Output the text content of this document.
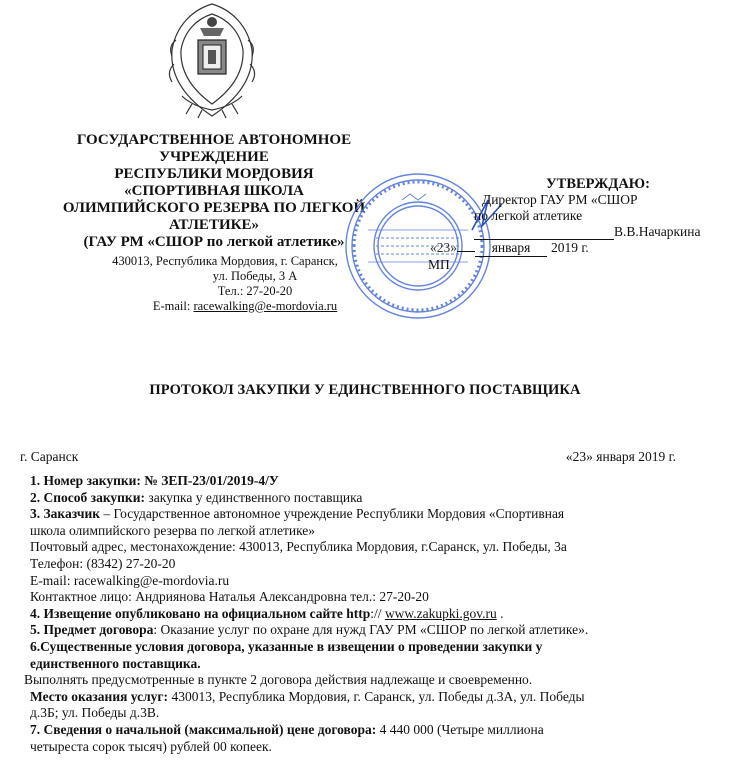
ГОСУДАРСТВЕННОЕ АВТОНОМНОЕ
УЧРЕЖДЕНИЕ
РЕСПУБЛИКИ МОРДОВИЯ
«СПОРТИВНАЯ ШКОЛА
ОЛИМПИЙСКОГО РЕЗЕРВА ПО ЛЕГКОЙ
АТЛЕТИКЕ»
(ГАУ РМ «СШОР по легкой атлетике»
430013, Республика Мордовия, г. Саранск,
ул. Победы, 3 А
Тел.: 27-20-20
E-mail: racewalking@e-mordovia.ru
УТВЕРЖДАЮ:
Директор ГАУ РМ «СШОР
по легкой атлетике
В.В.Начаркина
«23»	января 2019 г.
МП
ПРОТОКОЛ ЗАКУПКИ У ЕДИНСТВЕННОГО ПОСТАВЩИКА
г. Саранск	«23» января 2019 г.

1. Номер закупки: № ЗЕП-23/01/2019-4/У

2. Способ закупки: закупка у единственного поставщика

3. Заказчик – Государственное автономное учреждение Республики Мордовия «Спортивная

школа олимпийского резерва по легкой атлетике»

Почтовый адрес, местонахождение: 430013, Республика Мордовия, г.Саранск, ул. Победы, 3а

Телефон: (8342) 27-20-20

E-mail: racewalking@e-mordovia.ru

Контактное лицо: Андриянова Наталья Александровна тел.: 27-20-20

4. Извещение опубликовано на официальном сайте http:// www.zakupki.gov.ru .

5. Предмет договора: Оказание услуг по охране для нужд ГАУ РМ «СШОР по легкой атлетике».

6.Существенные условия договора, указанные в извещении о проведении закупки у

единственного поставщика.

Выполнять предусмотренные в пункте 2 договора действия надлежаще и своевременно.

Место оказания услуг: 430013, Республика Мордовия, г. Саранск, ул. Победы д.3А, ул. Победы

д.3Б; ул. Победы д.3В.

7. Сведения о начальной (максимальной) цене договора: 4 440 000 (Четыре миллиона

четыреста сорок тысяч) рублей 00 копеек.
